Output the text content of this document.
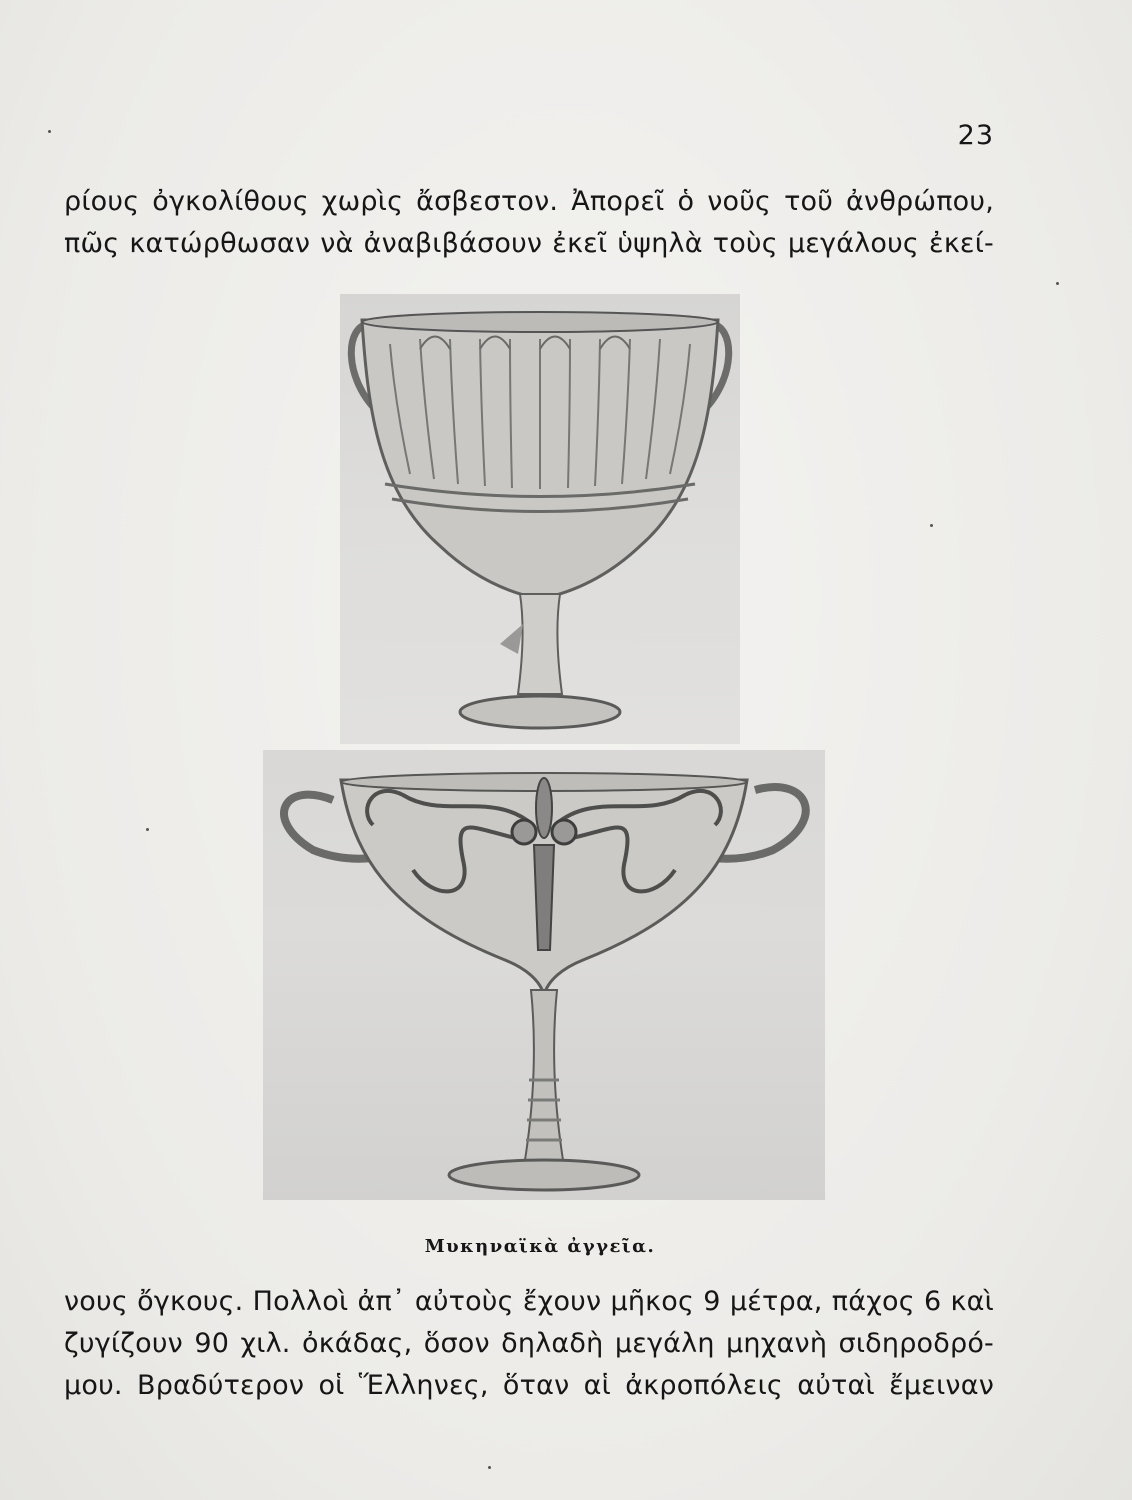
23
ρίους ὀγκολίθους χωρὶς ἄσβεστον. Ἀπορεῖ ὁ νοῦς τοῦ ἀνθρώπου,
πῶς κατώρθωσαν νὰ ἀναβιβάσουν ἐκεῖ ὑψηλὰ τοὺς μεγάλους ἐκεί-
Μυκηναϊκὰ ἀγγεῖα.
νους ὄγκους. Πολλοὶ ἀπ᾿ αὐτοὺς ἔχουν μῆκος 9 μέτρα, πάχος 6 καὶ
ζυγίζουν 90 χιλ. ὀκάδας, ὅσον δηλαδὴ μεγάλη μηχανὴ σιδηροδρό-
μου. Βραδύτερον οἱ Ἕλληνες, ὅταν αἱ ἀκροπόλεις αὐταὶ ἔμειναν
